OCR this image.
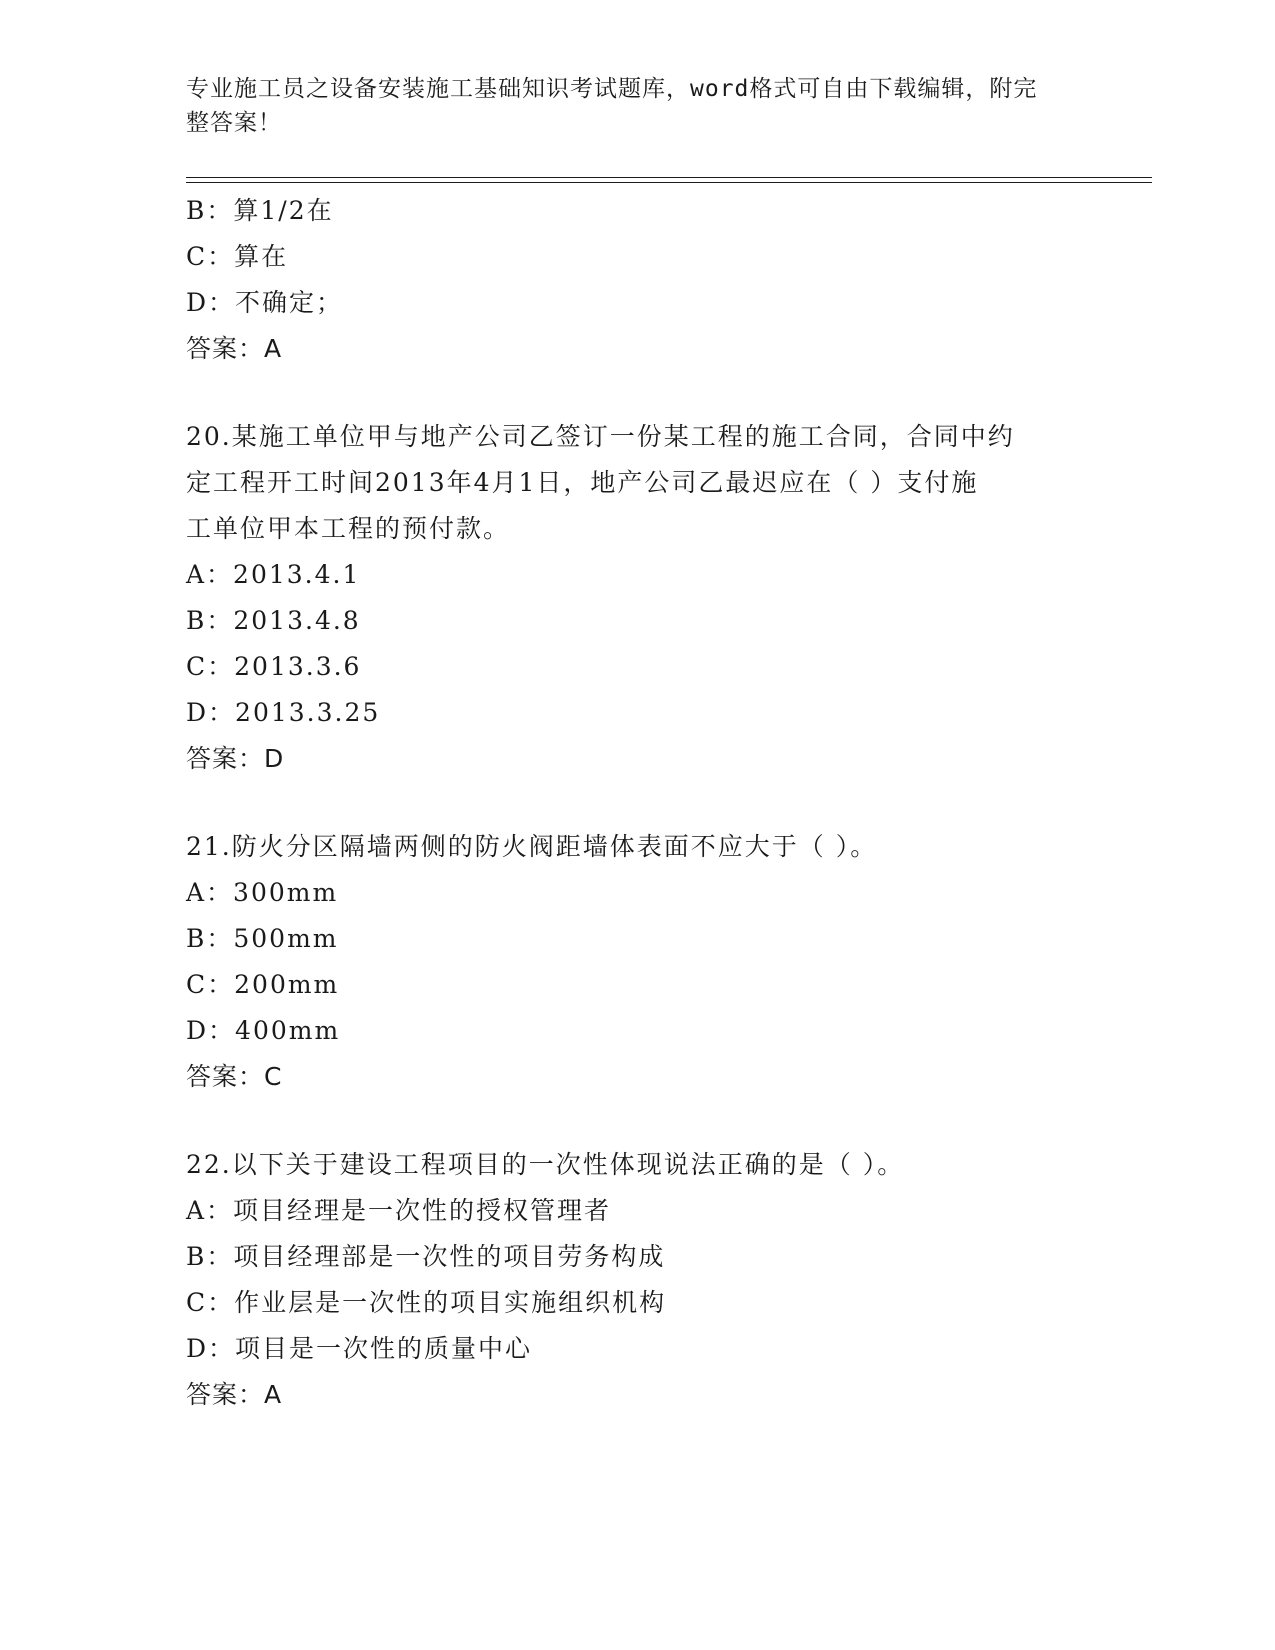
专业施工员之设备安装施工基础知识考试题库，word格式可自由下载编辑，附完
整答案！
B：算1/2在
C：算在
D：不确定；
答案：A
20.某施工单位甲与地产公司乙签订一份某工程的施工合同，合同中约
定工程开工时间2013年4月1日，地产公司乙最迟应在（ ）支付施
工单位甲本工程的预付款。
A：2013.4.1
B：2013.4.8
C：2013.3.6
D：2013.3.25
答案：D
21.防火分区隔墙两侧的防火阀距墙体表面不应大于（ ）。
A：300mm
B：500mm
C：200mm
D：400mm
答案：C
22.以下关于建设工程项目的一次性体现说法正确的是（ ）。
A：项目经理是一次性的授权管理者
B：项目经理部是一次性的项目劳务构成
C：作业层是一次性的项目实施组织机构
D：项目是一次性的质量中心
答案：A
